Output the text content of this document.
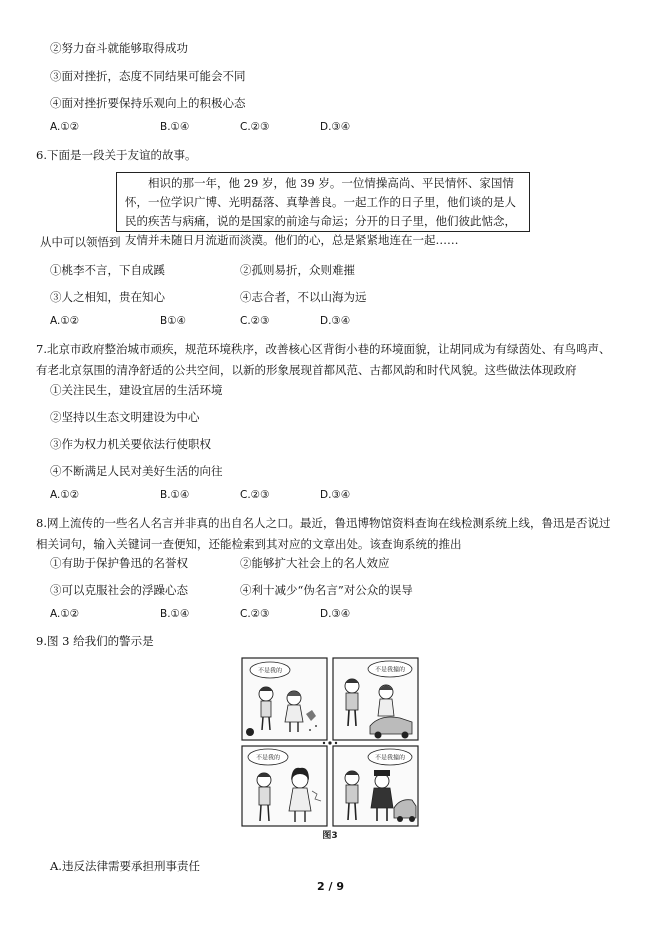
②努力奋斗就能够取得成功
③面对挫折，态度不同结果可能会不同
④面对挫折要保持乐观向上的积极心态
A.①②	B.①④	C.②③	D.③④
6.下面是一段关于友谊的故事。
相识的那一年，他 29 岁，他 39 岁。一位情操高尚、平民情怀、家国情怀，一位学识广博、光明磊落、真挚善良。一起工作的日子里，他们谈的是人民的疾苦与病痛，说的是国家的前途与命运；分开的日子里，他们彼此惦念，友情并未随日月流逝而淡漠。他们的心，总是紧紧地连在一起……
从中可以领悟到
①桃李不言，下自成蹊	②孤则易折，众则难摧
③人之相知，贵在知心	④志合者，不以山海为远
A.①②	B①④	C.②③	D.③④
7.北京市政府整治城市顽疾，规范环境秩序，改善核心区背街小巷的环境面貌，让胡同成为有绿茵处、有鸟鸣声、有老北京氛围的清净舒适的公共空间，以新的形象展现首都风范、古都风韵和时代风貌。这些做法体现政府
①关注民生，建设宜居的生活环境
②坚持以生态文明建设为中心
③作为权力机关要依法行使职权
④不断满足人民对美好生活的向往
A.①②	B.①④	C.②③	D.③④
8.网上流传的一些名人名言并非真的出自名人之口。最近，鲁迅博物馆资料查询在线检测系统上线，鲁迅是否说过相关词句，输入关键词一查便知，还能检索到其对应的文章出处。该查询系统的推出
①有助于保护鲁迅的名誉权	②能够扩大社会上的名人效应
③可以克服社会的浮躁心态	④利十减少“伪名言”对公众的误导
A.①②	B.①④	C.②③	D.③④
9.图 3 给我们的警示是
不是我的	不是我撞的
不是我的	不是我撞的
图3
A.违反法律需要承担刑事责任
2 / 9
